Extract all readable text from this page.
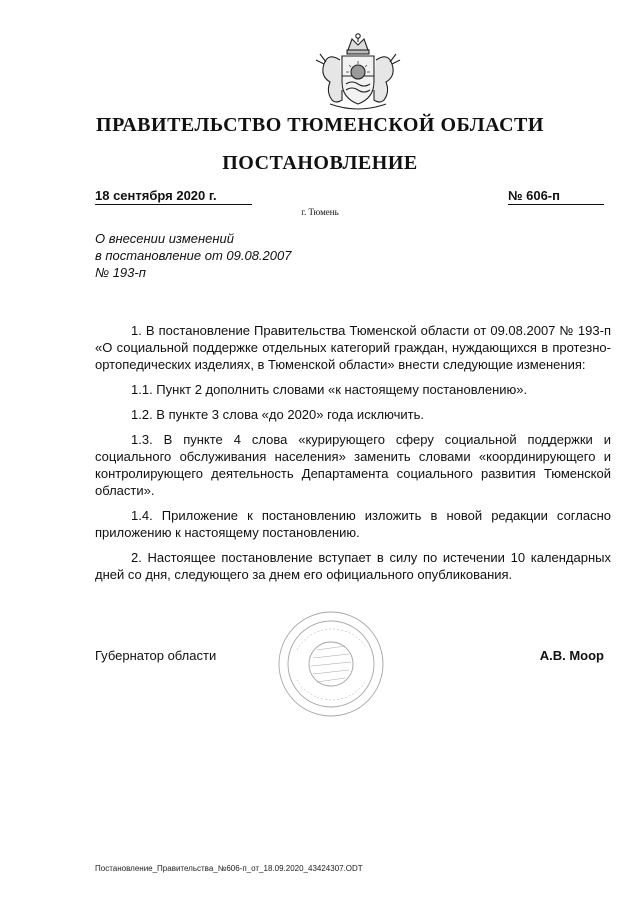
ПРАВИТЕЛЬСТВО ТЮМЕНСКОЙ ОБЛАСТИ
ПОСТАНОВЛЕНИЕ
18 сентября 2020 г.	№ 606-п
г. Тюмень
О внесении изменений
в постановление от 09.08.2007
№ 193-п

1. В постановление Правительства Тюменской области от 09.08.2007 № 193-п «О социальной поддержке отдельных категорий граждан, нуждающихся в протезно-ортопедических изделиях, в Тюменской области» внести следующие изменения:

1.1. Пункт 2 дополнить словами «к настоящему постановлению».

1.2. В пункте 3 слова «до 2020» года исключить.

1.3. В пункте 4 слова «курирующего сферу социальной поддержки и социального обслуживания населения» заменить словами «координирующего и контролирующего деятельность Департамента социального развития Тюменской области».

1.4. Приложение к постановлению изложить в новой редакции согласно приложению к настоящему постановлению.

2. Настоящее постановление вступает в силу по истечении 10 календарных дней со дня, следующего за днем его официального опубликования.

Губернатор области	А.В. Моор
Постановление_Правительства_№606-п_от_18.09.2020_43424307.ODT
